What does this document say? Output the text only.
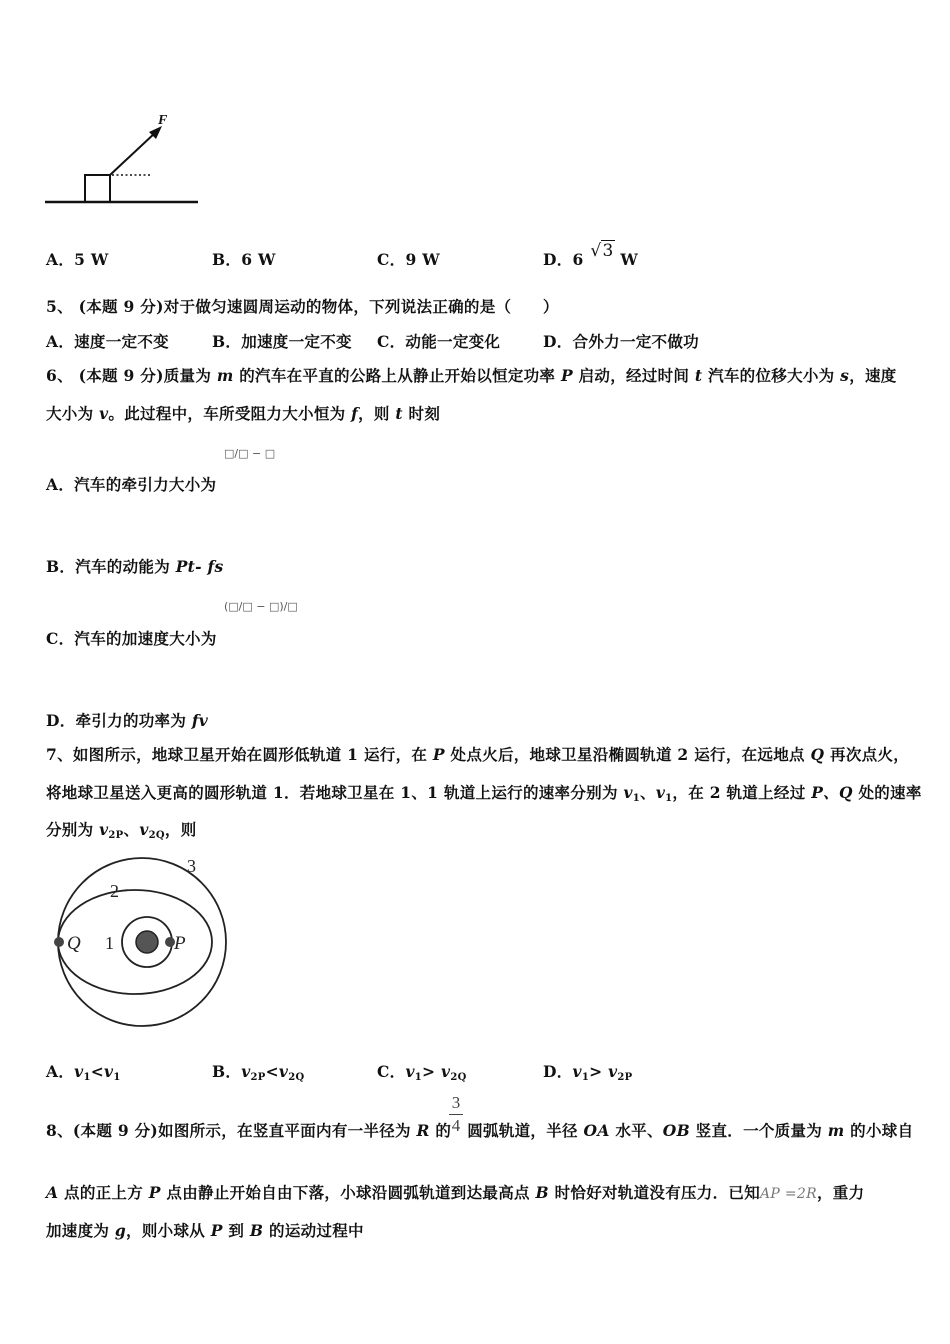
F
A．5 W	B．6 W	C．9 W	D．6 √3 W
5、 (本题 9 分)对于做匀速圆周运动的物体，下列说法正确的是（　　）
A．速度一定不变	B．加速度一定不变 C．动能一定变化	D．合外力一定不做功
6、 (本题 9 分)质量为 m 的汽车在平直的公路上从静止开始以恒定功率 P 启动，经过时间 t 汽车的位移大小为 s，速度
大小为 v。此过程中，车所受阻力大小恒为 f，则 t 时刻
□/□ − □
A．汽车的牵引力大小为
B．汽车的动能为 Pt- fs
(□/□ − □)/□
C．汽车的加速度大小为
D．牵引力的功率为 fv
7、如图所示，地球卫星开始在圆形低轨道 1 运行，在 P 处点火后，地球卫星沿椭圆轨道 2 运行，在远地点 Q 再次点火，
将地球卫星送入更高的圆形轨道 1．若地球卫星在 1、1 轨道上运行的速率分别为 $v_1$、$v_1$，在 2 轨道上经过 P、Q 处的速率
分别为 $v_{2P}$、$v_{2Q}$，则
3
2
1
Q	P
A．$v_1<v_1$	B．$v_{2P}<v_{2Q}$	C．$v_1> v_{2Q}$	D．$v_1> v_{2P}$
3
4
8、(本题 9 分)如图所示，在竖直平面内有一半径为 R 的 圆弧轨道，半径 OA 水平、OB 竖直．一个质量为 m 的小球自
A 点的正上方 P 点由静止开始自由下落，小球沿圆弧轨道到达最高点 B 时恰好对轨道没有压力．已知AP =2R，重力
加速度为 g，则小球从 P 到 B 的运动过程中
